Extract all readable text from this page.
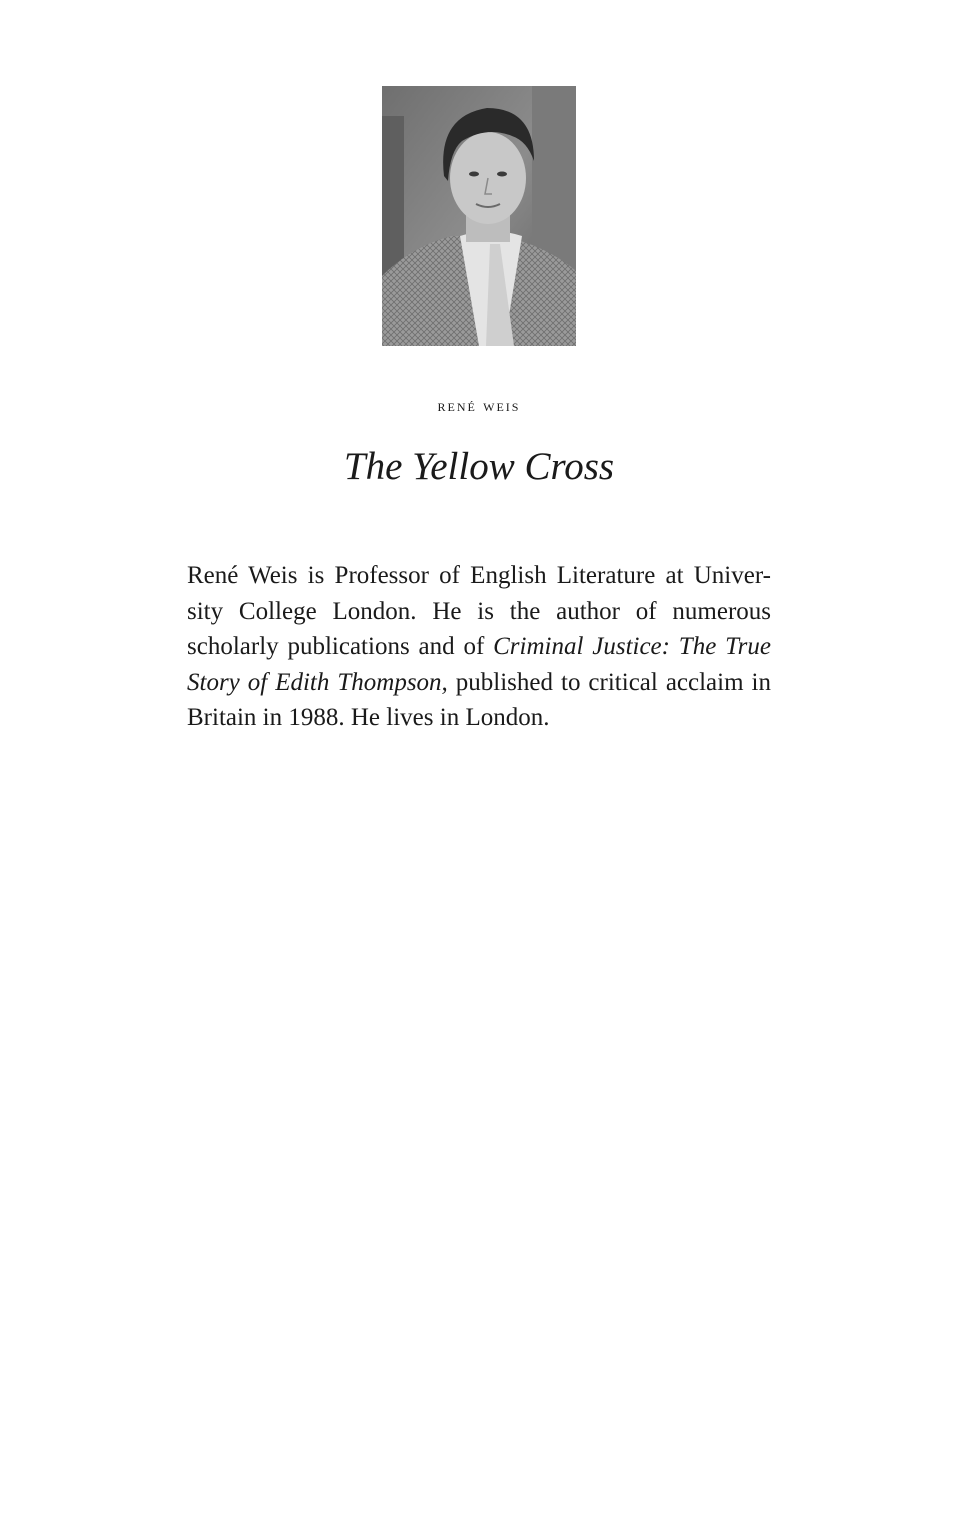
rené weis
The Yellow Cross
René Weis is Professor of English Literature at Univer-sity College London. He is the author of numerous scholarly publications and of Criminal Justice: The True Story of Edith Thompson, published to critical acclaim in Britain in 1988. He lives in London.
